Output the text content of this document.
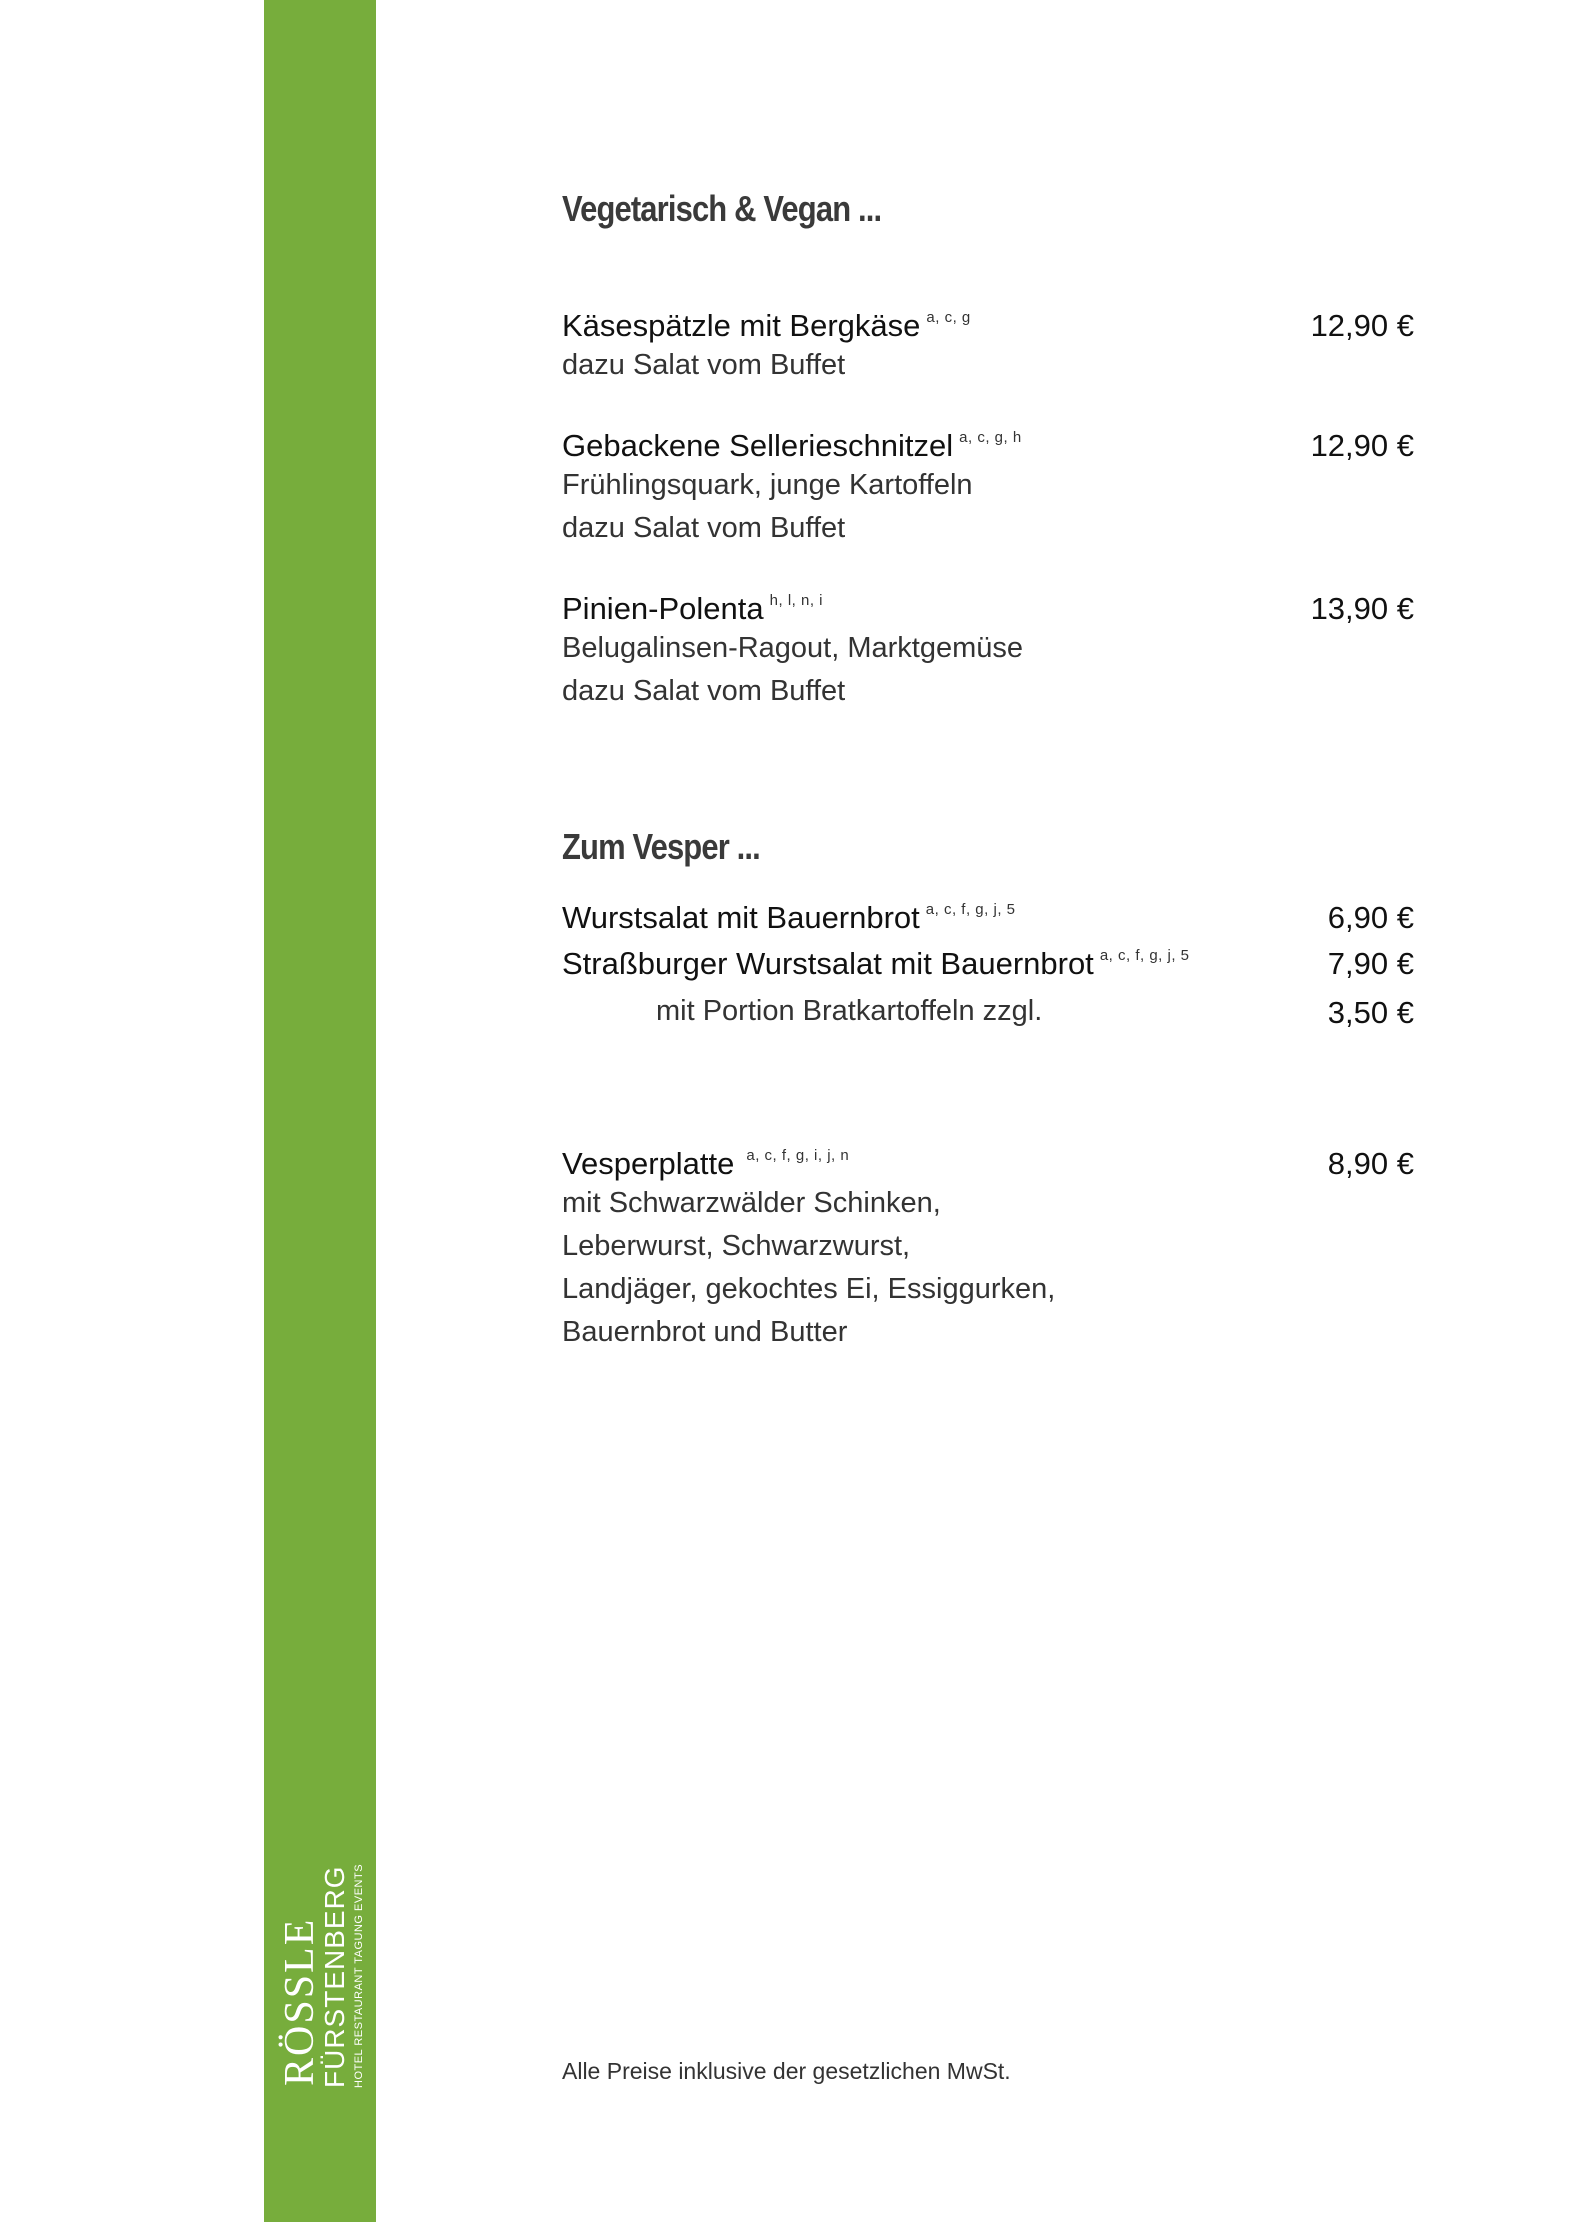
RÖSSLE
FÜRSTENBERG HOTEL RESTAURANT TAGUNG EVENTS
Vegetarisch & Vegan ...
Käsespätzle mit Bergkäse a, c, g	12,90 €
dazu Salat vom Buffet
Gebackene Sellerieschnitzel a, c, g, h	12,90 €
Frühlingsquark, junge Kartoffeln
dazu Salat vom Buffet
Pinien-Polenta h, l, n, i	13,90 €
Belugalinsen-Ragout, Marktgemüse
dazu Salat vom Buffet
Zum Vesper ...
Wurstsalat mit Bauernbrot a, c, f, g, j, 5	6,90 €
Straßburger Wurstsalat mit Bauernbrot a, c, f, g, j, 5	7,90 €
mit Portion Bratkartoffeln zzgl.	3,50 €
Vesperplatte a, c, f, g, i, j, n	8,90 €
mit Schwarzwälder Schinken,
Leberwurst, Schwarzwurst,
Landjäger, gekochtes Ei, Essiggurken,
Bauernbrot und Butter
Alle Preise inklusive der gesetzlichen MwSt.
